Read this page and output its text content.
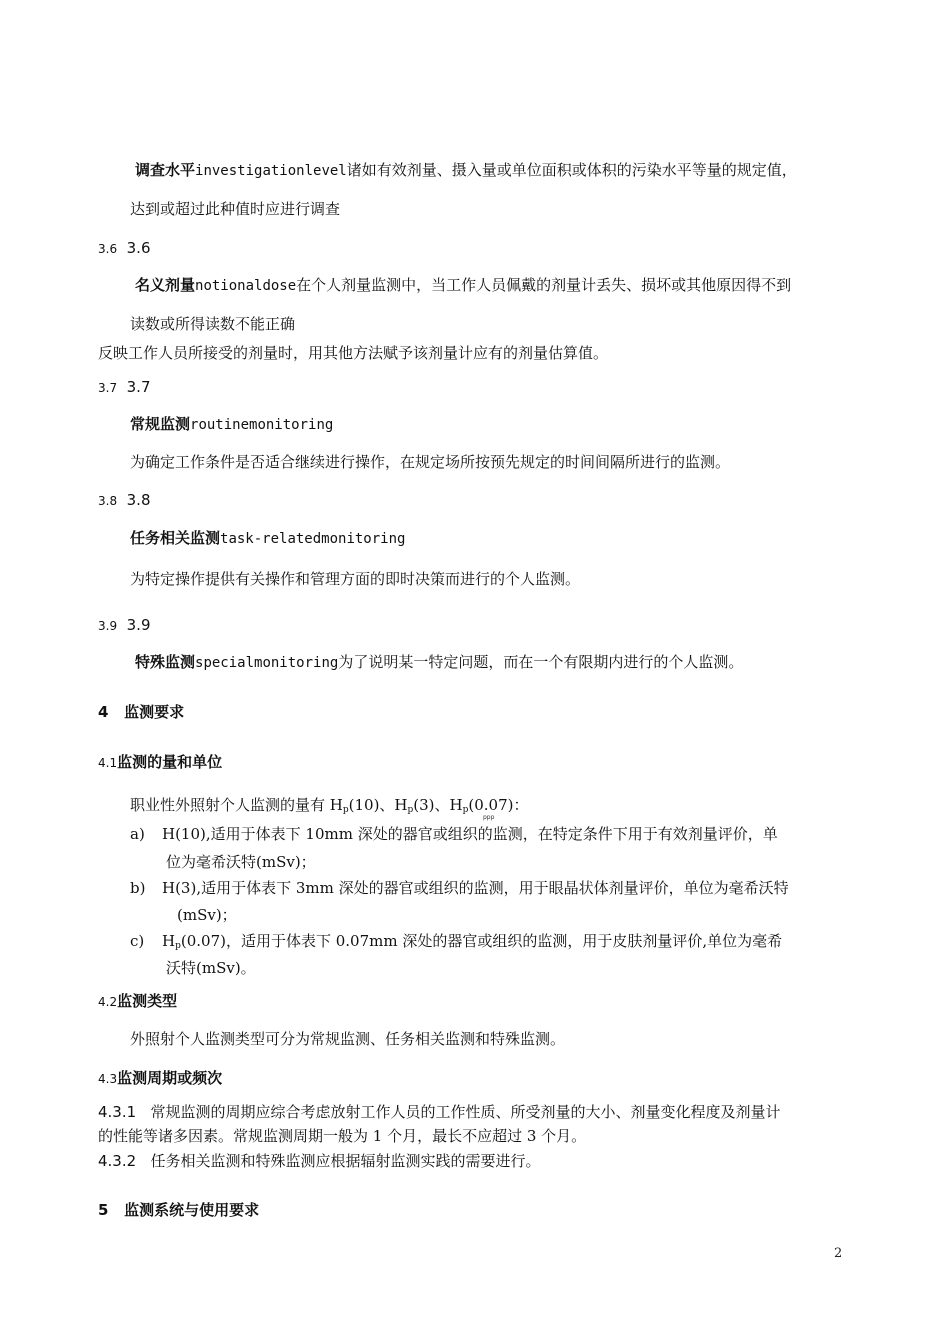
调查水平investigationlevel诸如有效剂量、摄入量或单位面积或体积的污染水平等量的规定值，
达到或超过此种值时应进行调查
3.6 3.6
名义剂量notionaldose在个人剂量监测中，当工作人员佩戴的剂量计丢失、损坏或其他原因得不到
读数或所得读数不能正确
反映工作人员所接受的剂量时，用其他方法赋予该剂量计应有的剂量估算值。
3.7 3.7
常规监测routinemonitoring
为确定工作条件是否适合继续进行操作，在规定场所按预先规定的时间间隔所进行的监测。
3.8 3.8
任务相关监测task-relatedmonitoring
为特定操作提供有关操作和管理方面的即时决策而进行的个人监测。
3.9 3.9
特殊监测specialmonitoring为了说明某一特定问题，而在一个有限期内进行的个人监测。
4 监测要求
4.1监测的量和单位
职业性外照射个人监测的量有 $H_p(10)$、$H_p(3)$、$H_p(0.07)$：
ppp
a) H(10),适用于体表下 10mm 深处的器官或组织的监测，在特定条件下用于有效剂量评价，单
位为毫希沃特(mSv)；
b) H(3),适用于体表下 3mm 深处的器官或组织的监测，用于眼晶状体剂量评价，单位为毫希沃特
(mSv)；
c) $H_p(0.07)$，适用于体表下 0.07mm 深处的器官或组织的监测，用于皮肤剂量评价,单位为毫希
沃特(mSv)。
4.2监测类型
外照射个人监测类型可分为常规监测、任务相关监测和特殊监测。
4.3监测周期或频次
4.3.1 常规监测的周期应综合考虑放射工作人员的工作性质、所受剂量的大小、剂量变化程度及剂量计
的性能等诸多因素。常规监测周期一般为 1 个月，最长不应超过 3 个月。
4.3.2 任务相关监测和特殊监测应根据辐射监测实践的需要进行。
5 监测系统与使用要求
2
